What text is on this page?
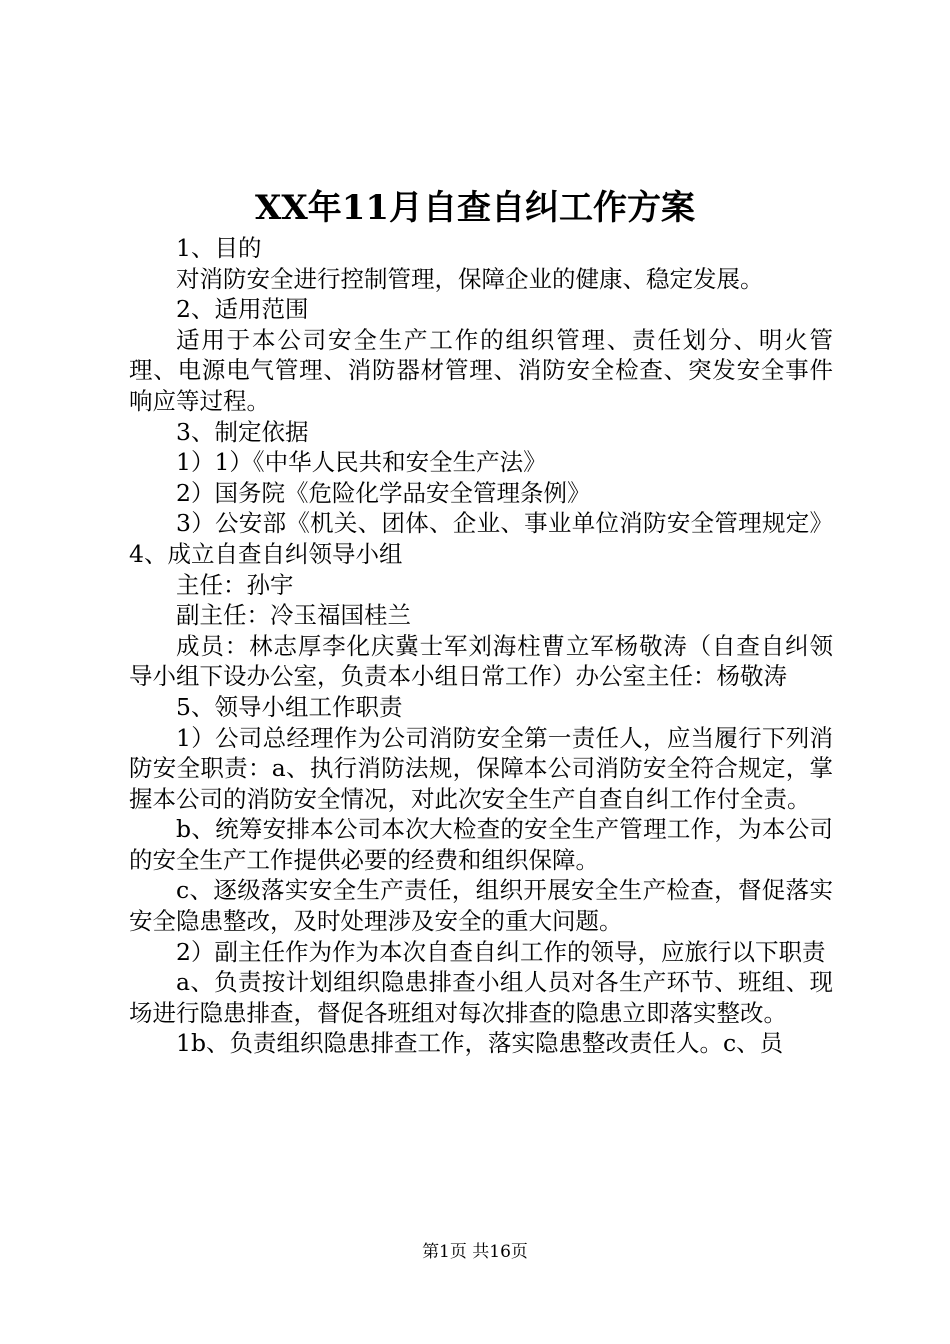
XX年11月自查自纠工作方案

1、目的

对消防安全进行控制管理，保障企业的健康、稳定发展。

2、适用范围

适用于本公司安全生产工作的组织管理、责任划分、明火管理、电源电气管理、消防器材管理、消防安全检查、突发安全事件响应等过程。

3、制定依据

1）1）《中华人民共和安全生产法》

2）国务院《危险化学品安全管理条例》

3）公安部《机关、团体、企业、事业单位消防安全管理规定》4、成立自查自纠领导小组

主任：孙宇

副主任：冷玉福国桂兰

成员：林志厚李化庆冀士军刘海柱曹立军杨敬涛（自查自纠领导小组下设办公室，负责本小组日常工作）办公室主任：杨敬涛

5、领导小组工作职责

1）公司总经理作为公司消防安全第一责任人，应当履行下列消防安全职责：a、执行消防法规，保障本公司消防安全符合规定，掌握本公司的消防安全情况，对此次安全生产自查自纠工作付全责。

b、统筹安排本公司本次大检查的安全生产管理工作，为本公司的安全生产工作提供必要的经费和组织保障。

c、逐级落实安全生产责任，组织开展安全生产检查，督促落实安全隐患整改，及时处理涉及安全的重大问题。

2）副主任作为作为本次自查自纠工作的领导，应旅行以下职责

a、负责按计划组织隐患排查小组人员对各生产环节、班组、现场进行隐患排查，督促各班组对每次排查的隐患立即落实整改。

1b、负责组织隐患排查工作，落实隐患整改责任人。c、员

第1页 共16页
